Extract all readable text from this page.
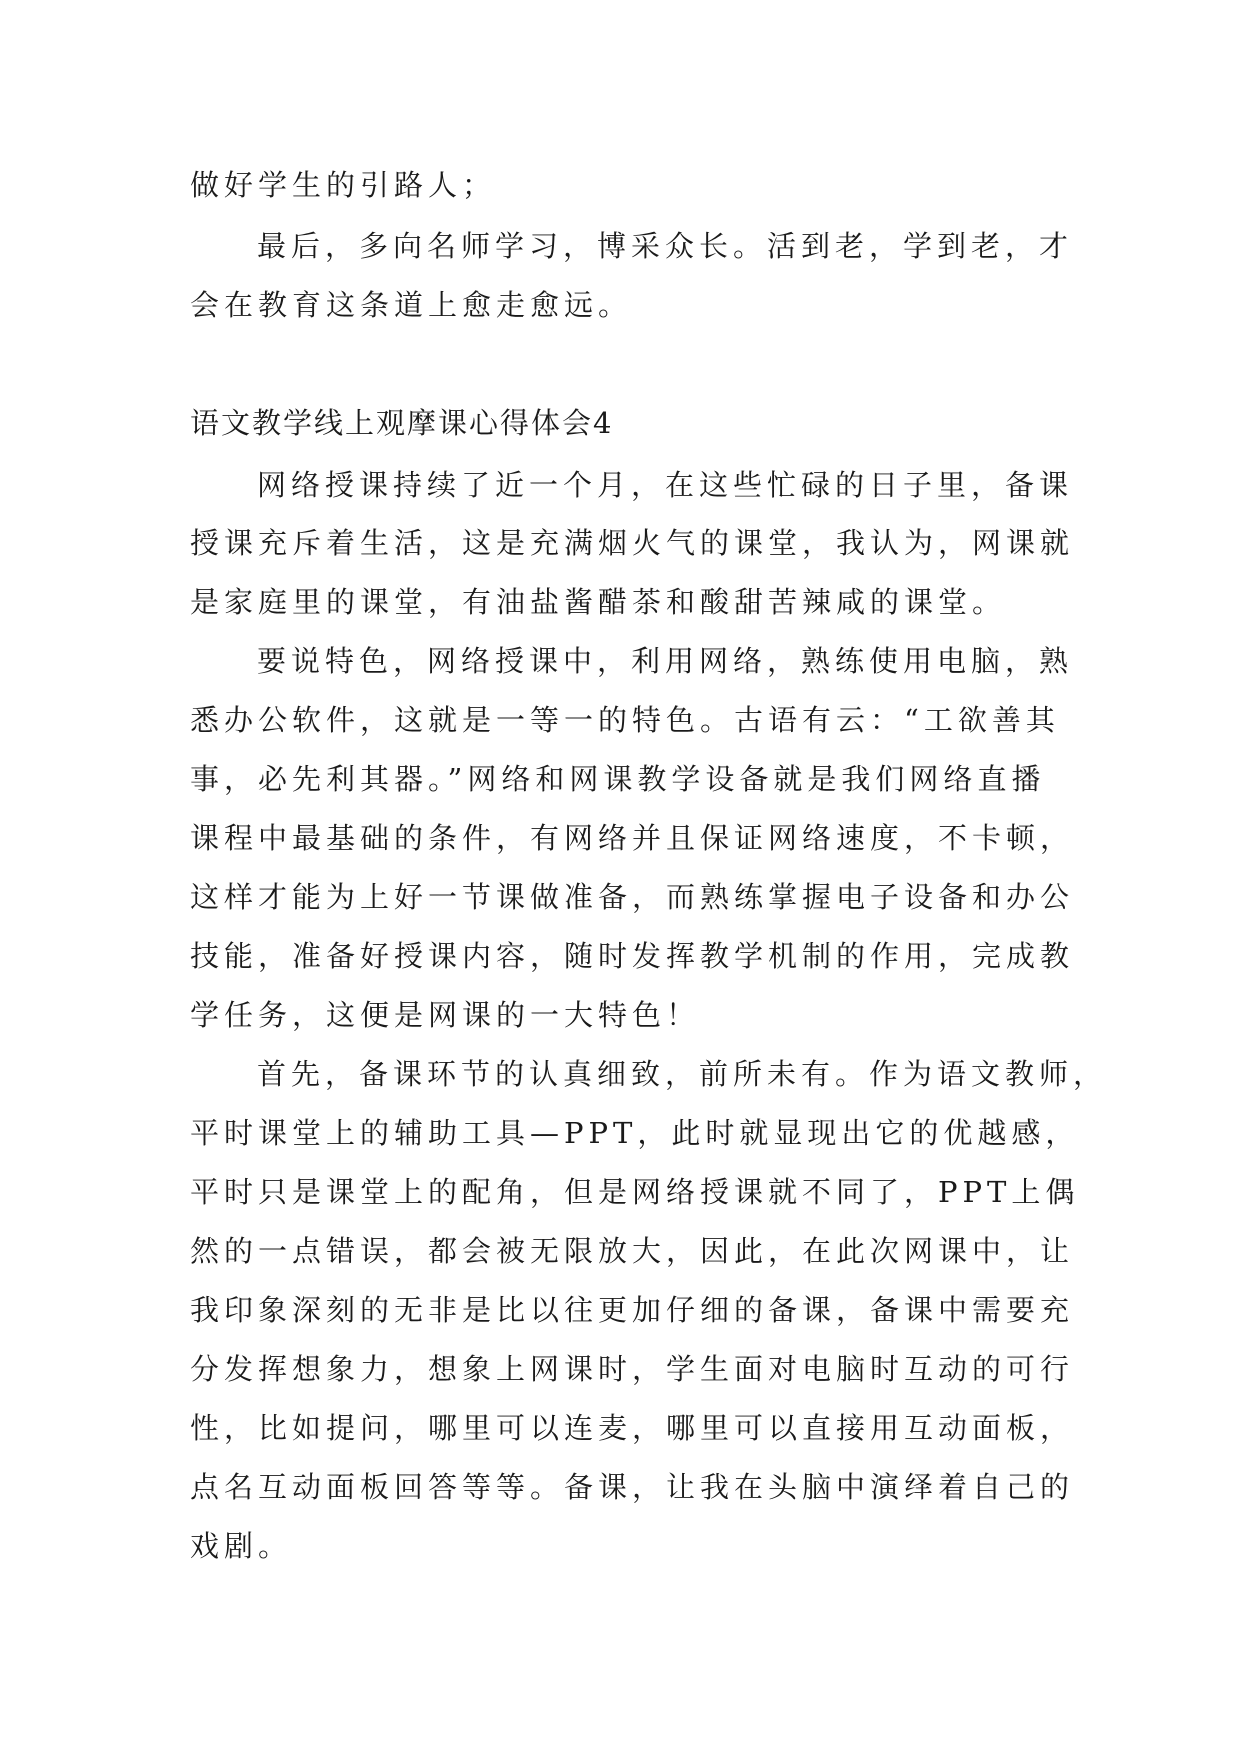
做好学生的引路人；
最后，多向名师学习，博采众长。活到老，学到老，才
会在教育这条道上愈走愈远。
语文教学线上观摩课心得体会4
网络授课持续了近一个月，在这些忙碌的日子里，备课
授课充斥着生活，这是充满烟火气的课堂，我认为，网课就
是家庭里的课堂，有油盐酱醋茶和酸甜苦辣咸的课堂。
要说特色，网络授课中，利用网络，熟练使用电脑，熟
悉办公软件，这就是一等一的特色。古语有云：“工欲善其
事，必先利其器。”网络和网课教学设备就是我们网络直播
课程中最基础的条件，有网络并且保证网络速度，不卡顿，
这样才能为上好一节课做准备，而熟练掌握电子设备和办公
技能，准备好授课内容，随时发挥教学机制的作用，完成教
学任务，这便是网课的一大特色！
首先，备课环节的认真细致，前所未有。作为语文教师，
平时课堂上的辅助工具—PPT，此时就显现出它的优越感，
平时只是课堂上的配角，但是网络授课就不同了，PPT上偶
然的一点错误，都会被无限放大，因此，在此次网课中，让
我印象深刻的无非是比以往更加仔细的备课，备课中需要充
分发挥想象力，想象上网课时，学生面对电脑时互动的可行
性，比如提问，哪里可以连麦，哪里可以直接用互动面板，
点名互动面板回答等等。备课，让我在头脑中演绎着自己的
戏剧。
